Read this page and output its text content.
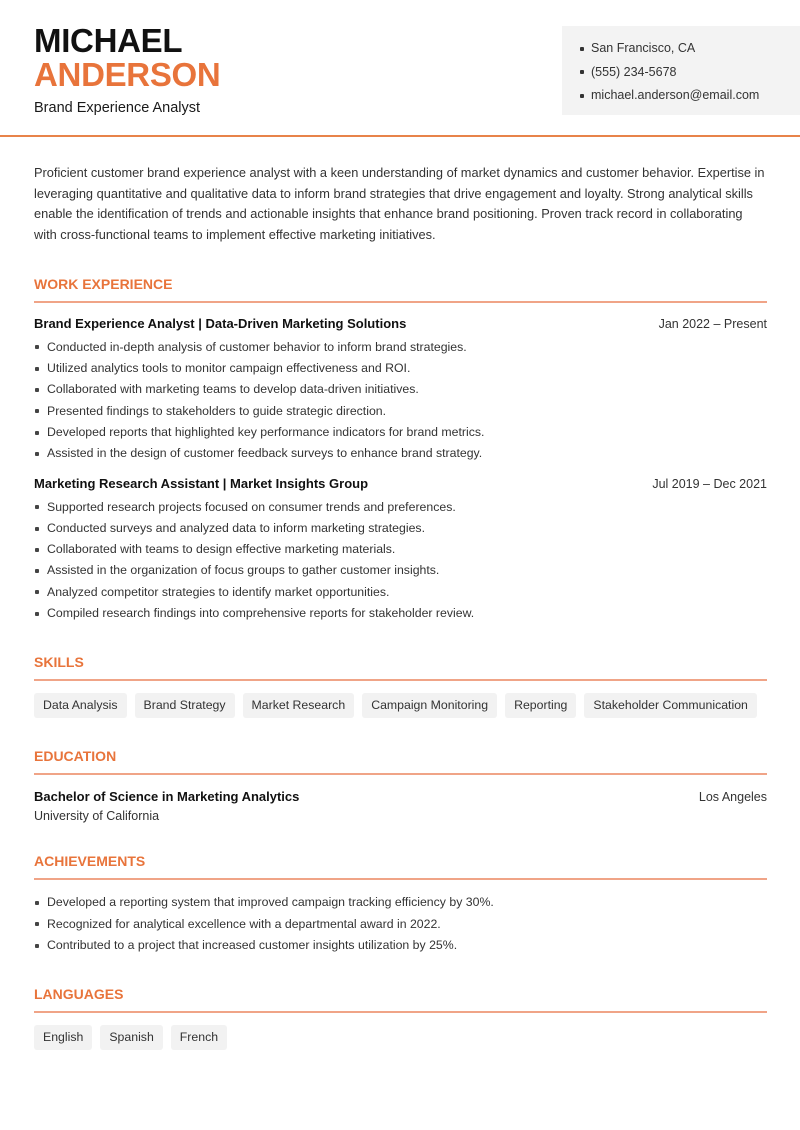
MICHAEL
ANDERSON
Brand Experience Analyst
San Francisco, CA
(555) 234-5678
michael.anderson@email.com

Proficient customer brand experience analyst with a keen understanding of market dynamics and customer behavior. Expertise in leveraging quantitative and qualitative data to inform brand strategies that drive engagement and loyalty. Strong analytical skills enable the identification of trends and actionable insights that enhance brand positioning. Proven track record in collaborating with cross-functional teams to implement effective marketing initiatives.

WORK EXPERIENCE
Brand Experience Analyst | Data-Driven Marketing Solutions	Jan 2022 – Present
Conducted in-depth analysis of customer behavior to inform brand strategies.
Utilized analytics tools to monitor campaign effectiveness and ROI.
Collaborated with marketing teams to develop data-driven initiatives.
Presented findings to stakeholders to guide strategic direction.
Developed reports that highlighted key performance indicators for brand metrics.
Assisted in the design of customer feedback surveys to enhance brand strategy.
Marketing Research Assistant | Market Insights Group	Jul 2019 – Dec 2021
Supported research projects focused on consumer trends and preferences.
Conducted surveys and analyzed data to inform marketing strategies.
Collaborated with teams to design effective marketing materials.
Assisted in the organization of focus groups to gather customer insights.
Analyzed competitor strategies to identify market opportunities.
Compiled research findings into comprehensive reports for stakeholder review.
SKILLS
Data Analysis	Brand Strategy	Market Research	Campaign Monitoring	Reporting	Stakeholder Communication
EDUCATION
Bachelor of Science in Marketing Analytics	Los Angeles
University of California
ACHIEVEMENTS
Developed a reporting system that improved campaign tracking efficiency by 30%.
Recognized for analytical excellence with a departmental award in 2022.
Contributed to a project that increased customer insights utilization by 25%.
LANGUAGES
English	Spanish	French
